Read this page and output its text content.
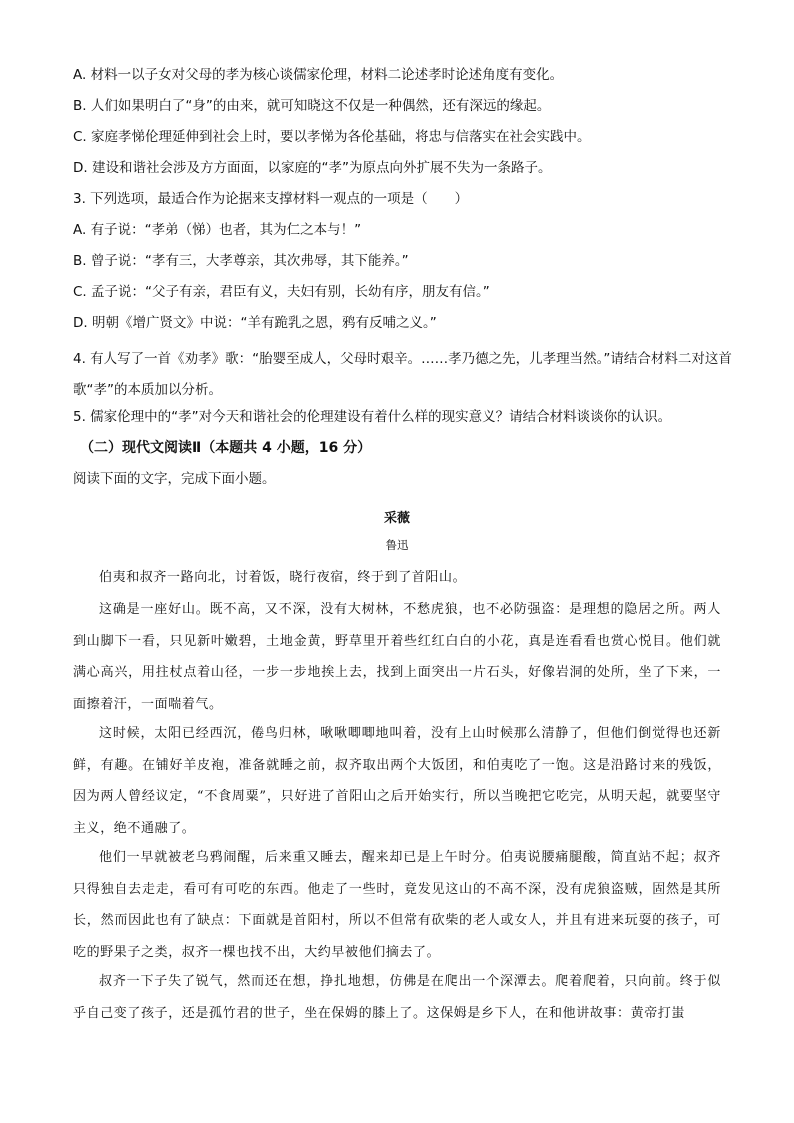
A. 材料一以子女对父母的孝为核心谈儒家伦理，材料二论述孝时论述角度有变化。
B. 人们如果明白了“身”的由来，就可知晓这不仅是一种偶然，还有深远的缘起。
C. 家庭孝悌伦理延伸到社会上时，要以孝悌为各伦基础，将忠与信落实在社会实践中。
D. 建设和谐社会涉及方方面面，以家庭的“孝”为原点向外扩展不失为一条路子。
3. 下列选项，最适合作为论据来支撑材料一观点的一项是（　　）
A. 有子说：“孝弟（悌）也者，其为仁之本与！”
B. 曾子说：“孝有三，大孝尊亲，其次弗辱，其下能养。”
C. 孟子说：“父子有亲，君臣有义，夫妇有别，长幼有序，朋友有信。”
D. 明朝《增广贤文》中说：“羊有跪乳之恩，鸦有反哺之义。”
4. 有人写了一首《劝孝》歌：“胎婴至成人，父母时艰辛。……孝乃德之先，儿孝理当然。”请结合材料二对这首歌“孝”的本质加以分析。
5. 儒家伦理中的“孝”对今天和谐社会的伦理建设有着什么样的现实意义？请结合材料谈谈你的认识。
（二）现代文阅读Ⅱ（本题共 4 小题，16 分）
阅读下面的文字，完成下面小题。
采薇
鲁迅
伯夷和叔齐一路向北，讨着饭，晓行夜宿，终于到了首阳山。
这确是一座好山。既不高，又不深，没有大树林，不愁虎狼，也不必防强盗：是理想的隐居之所。两人到山脚下一看，只见新叶嫩碧，土地金黄，野草里开着些红红白白的小花，真是连看看也赏心悦目。他们就满心高兴，用拄杖点着山径，一步一步地挨上去，找到上面突出一片石头，好像岩洞的处所，坐了下来，一面擦着汗，一面喘着气。
这时候，太阳已经西沉，倦鸟归林，啾啾唧唧地叫着，没有上山时候那么清静了，但他们倒觉得也还新鲜，有趣。在铺好羊皮袍，准备就睡之前，叔齐取出两个大饭团，和伯夷吃了一饱。这是沿路讨来的残饭，因为两人曾经议定，“不食周粟”，只好进了首阳山之后开始实行，所以当晚把它吃完，从明天起，就要坚守主义，绝不通融了。
他们一早就被老乌鸦闹醒，后来重又睡去，醒来却已是上午时分。伯夷说腰痛腿酸，简直站不起；叔齐只得独自去走走，看可有可吃的东西。他走了一些时，竟发见这山的不高不深，没有虎狼盗贼，固然是其所长，然而因此也有了缺点：下面就是首阳村，所以不但常有砍柴的老人或女人，并且有进来玩耍的孩子，可吃的野果子之类，叔齐一棵也找不出，大约早被他们摘去了。
叔齐一下子失了锐气，然而还在想，挣扎地想，仿佛是在爬出一个深潭去。爬着爬着，只向前。终于似乎自己变了孩子，还是孤竹君的世子，坐在保姆的膝上了。这保姆是乡下人，在和他讲故事：黄帝打蚩
